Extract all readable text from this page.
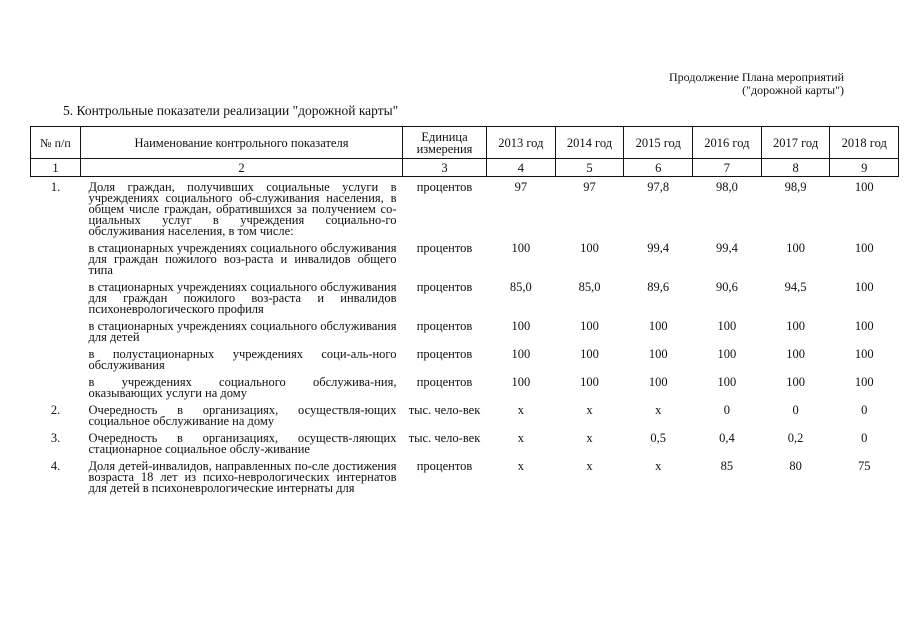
Продолжение Плана мероприятий
("дорожной карты")
5. Контрольные показатели реализации "дорожной карты"
№ п/п	Наименование контрольного показателя	Единица измерения	2013 год	2014 год	2015 год	2016 год	2017 год	2018 год
1	2	3	4	5	6	7	8	9
1.	Доля граждан, получивших социальные услуги в учреждениях социального об-служивания населения, в общем числе граждан, обратившихся за получением со-циальных услуг в учреждения социально-го обслуживания населения, в том числе:	процентов	97	97	97,8	98,0	98,9	100

	в стационарных учреждениях социального обслуживания для граждан пожилого воз-раста и инвалидов общего типа	процентов	100	100	99,4	99,4	100	100

	в стационарных учреждениях социального обслуживания для граждан пожилого воз-раста и инвалидов психоневрологического профиля	процентов	85,0	85,0	89,6	90,6	94,5	100

	в стационарных учреждениях социального обслуживания для детей	процентов	100	100	100	100	100	100

	в полустационарных учреждениях соци-аль-ного обслуживания	процентов	100	100	100	100	100	100

	в учреждениях социального обслужива-ния, оказывающих услуги на дому	процентов	100	100	100	100	100	100
2.	Очередность в организациях, осуществля-ющих социальное обслуживание на дому	тыс. чело-век	х	х	х	0	0	0
3.	Очередность в организациях, осуществ-ляющих стационарное социальное обслу-живание	тыс. чело-век	х	х	0,5	0,4	0,2	0
4.	Доля детей-инвалидов, направленных по-сле достижения возраста 18 лет из психо-неврологических интернатов для детей в психоневрологические интернаты для	процентов	х	х	х	85	80	75
